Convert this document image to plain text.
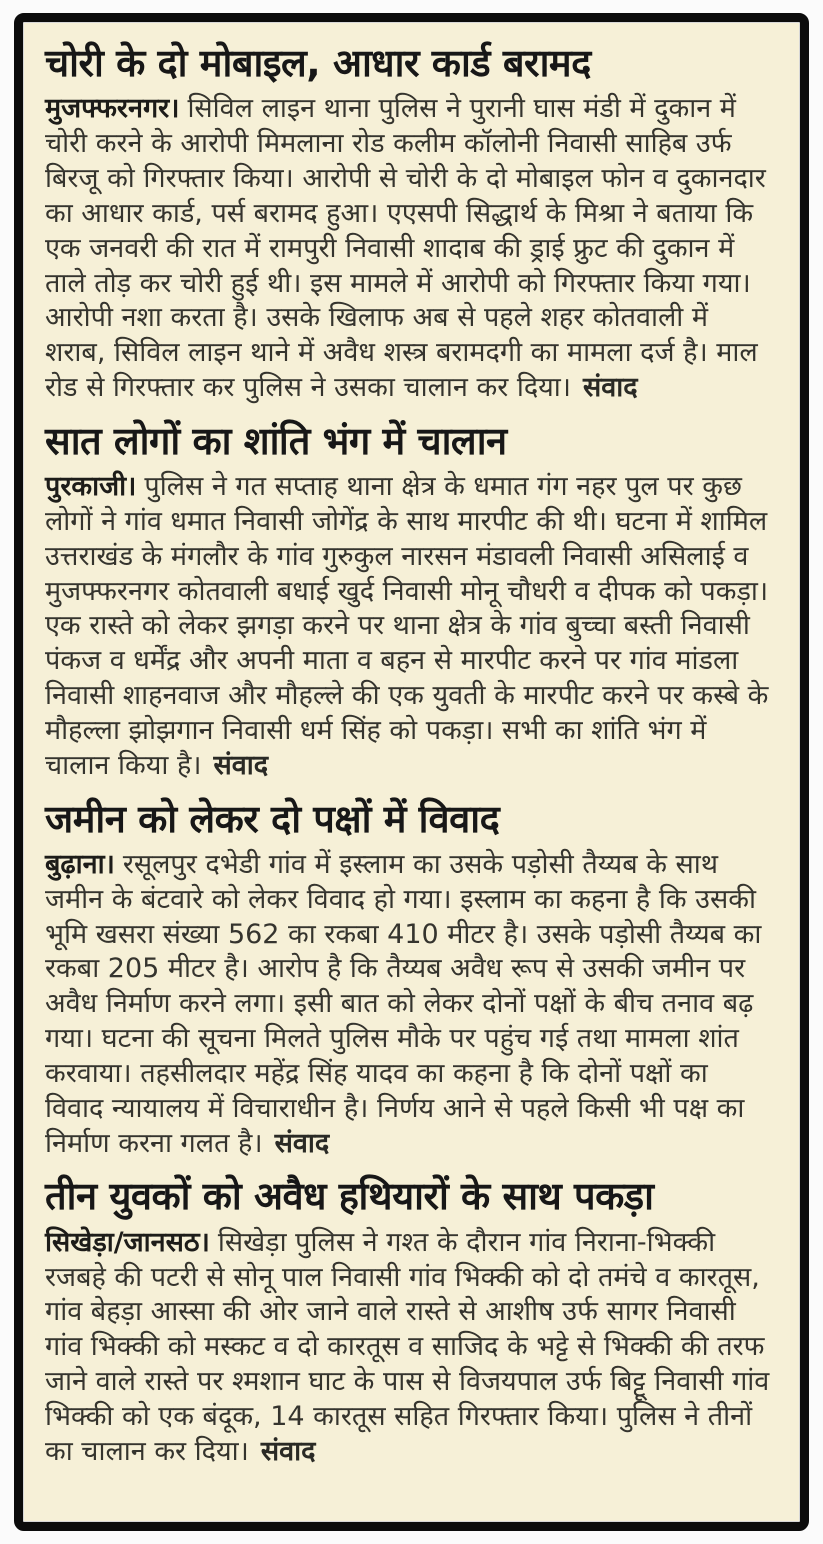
चोरी के दो मोबाइल, आधार कार्ड बरामद

मुजफ्फरनगर। सिविल लाइन थाना पुलिस ने पुरानी घास मंडी में दुकान में चोरी करने के आरोपी मिमलाना रोड कलीम कॉलोनी निवासी साहिब उर्फ बिरजू को गिरफ्तार किया। आरोपी से चोरी के दो मोबाइल फोन व दुकानदार का आधार कार्ड, पर्स बरामद हुआ। एएसपी सिद्धार्थ के मिश्रा ने बताया कि एक जनवरी की रात में रामपुरी निवासी शादाब की ड्राई फ्रुट की दुकान में ताले तोड़ कर चोरी हुई थी। इस मामले में आरोपी को गिरफ्तार किया गया। आरोपी नशा करता है। उसके खिलाफ अब से पहले शहर कोतवाली में शराब, सिविल लाइन थाने में अवैध शस्त्र बरामदगी का मामला दर्ज है। माल रोड से गिरफ्तार कर पुलिस ने उसका चालान कर दिया। संवाद

सात लोगों का शांति भंग में चालान

पुरकाजी। पुलिस ने गत सप्ताह थाना क्षेत्र के धमात गंग नहर पुल पर कुछ लोगों ने गांव धमात निवासी जोगेंद्र के साथ मारपीट की थी। घटना में शामिल उत्तराखंड के मंगलौर के गांव गुरुकुल नारसन मंडावली निवासी असिलाई व मुजफ्फरनगर कोतवाली बधाई खुर्द निवासी मोनू चौधरी व दीपक को पकड़ा। एक रास्ते को लेकर झगड़ा करने पर थाना क्षेत्र के गांव बुच्चा बस्ती निवासी पंकज व धर्मेंद्र और अपनी माता व बहन से मारपीट करने पर गांव मांडला निवासी शाहनवाज और मौहल्ले की एक युवती के मारपीट करने पर कस्बे के मौहल्ला झोझगान निवासी धर्म सिंह को पकड़ा। सभी का शांति भंग में चालान किया है। संवाद

जमीन को लेकर दो पक्षों में विवाद

बुढ़ाना। रसूलपुर दभेडी गांव में इस्लाम का उसके पड़ोसी तैय्यब के साथ जमीन के बंटवारे को लेकर विवाद हो गया। इस्लाम का कहना है कि उसकी भूमि खसरा संख्या 562 का रकबा 410 मीटर है। उसके पड़ोसी तैय्यब का रकबा 205 मीटर है। आरोप है कि तैय्यब अवैध रूप से उसकी जमीन पर अवैध निर्माण करने लगा। इसी बात को लेकर दोनों पक्षों के बीच तनाव बढ़ गया। घटना की सूचना मिलते पुलिस मौके पर पहुंच गई तथा मामला शांत करवाया। तहसीलदार महेंद्र सिंह यादव का कहना है कि दोनों पक्षों का विवाद न्यायालय में विचाराधीन है। निर्णय आने से पहले किसी भी पक्ष का निर्माण करना गलत है। संवाद

तीन युवकों को अवैध हथियारों के साथ पकड़ा

सिखेड़ा/जानसठ। सिखेड़ा पुलिस ने गश्त के दौरान गांव निराना-भिक्की रजबहे की पटरी से सोनू पाल निवासी गांव भिक्की को दो तमंचे व कारतूस, गांव बेहड़ा आस्सा की ओर जाने वाले रास्ते से आशीष उर्फ सागर निवासी गांव भिक्की को मस्कट व दो कारतूस व साजिद के भट्टे से भिक्की की तरफ जाने वाले रास्ते पर श्मशान घाट के पास से विजयपाल उर्फ बिट्टू निवासी गांव भिक्की को एक बंदूक, 14 कारतूस सहित गिरफ्तार किया। पुलिस ने तीनों का चालान कर दिया। संवाद
